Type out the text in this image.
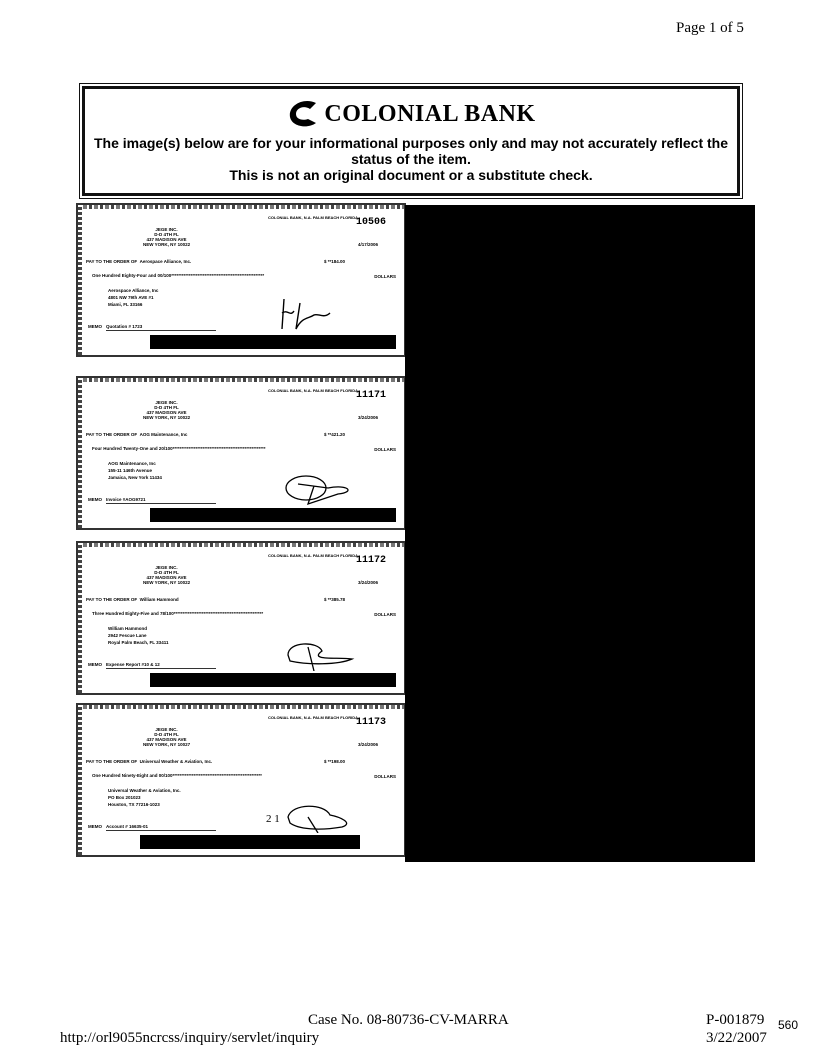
Page 1 of 5
COLONIAL BANK
The image(s) below are for your informational purposes only and may not accurately reflect the status of the item.
This is not an original document or a substitute check.
COLONIAL BANK, N.A. PALM BEACH FLORIDA
10506
JEGE INC.
D-D 4TH FL
437 MADISON AVE
NEW YORK, NY 10022	4/17/2006
PAY TO THE ORDER OF Aerospace Alliance, Inc.	$ **184.00
One Hundred Eighty-Four and 00/100*****************************************************	DOLLARS
Aerospace Alliance, Inc
4801 NW 79th AVE #1
Miami, FL 33166
MEMO Quotation # 1723
COLONIAL BANK, N.A. PALM BEACH FLORIDA
11171
JEGE INC.
D-D 4TH FL
437 MADISON AVE
NEW YORK, NY 10022	3/24/2006
PAY TO THE ORDER OF AOG Maintenance, Inc	$ **421.20
Four Hundred Twenty-One and 20/100*****************************************************	DOLLARS
AOG Maintenance, Inc
155-11 146th Avenue
Jamaica, New York 11434
MEMO Invoice #AOG9721
COLONIAL BANK, N.A. PALM BEACH FLORIDA
11172
JEGE INC.
D-D 4TH FL
437 MADISON AVE
NEW YORK, NY 10022	3/24/2006
PAY TO THE ORDER OF William Hammond	$ **385.78
Three Hundred Eighty-Five and 78/100***************************************************	DOLLARS
William Hammond
2942 Fescue Lane
Royal Palm Beach, FL 33411
MEMO Expense Report #10 & 12
COLONIAL BANK, N.A. PALM BEACH FLORIDA
11173
JEGE INC.
D-D 4TH FL
437 MADISON AVE
NEW YORK, NY 10027	3/24/2006
PAY TO THE ORDER OF Universal Weather & Aviation, Inc.	$ **198.00
One Hundred Ninety-Eight and 00/100***************************************************	DOLLARS
Universal Weather & Aviation, Inc.
PO Box 201023
Houston, TX 77216-1023
MEMO Account # 16635-01
2 1
http://orl9055ncrcss/inquiry/servlet/inquiry
Case No. 08-80736-CV-MARRA	P-001879
3/22/2007
560
